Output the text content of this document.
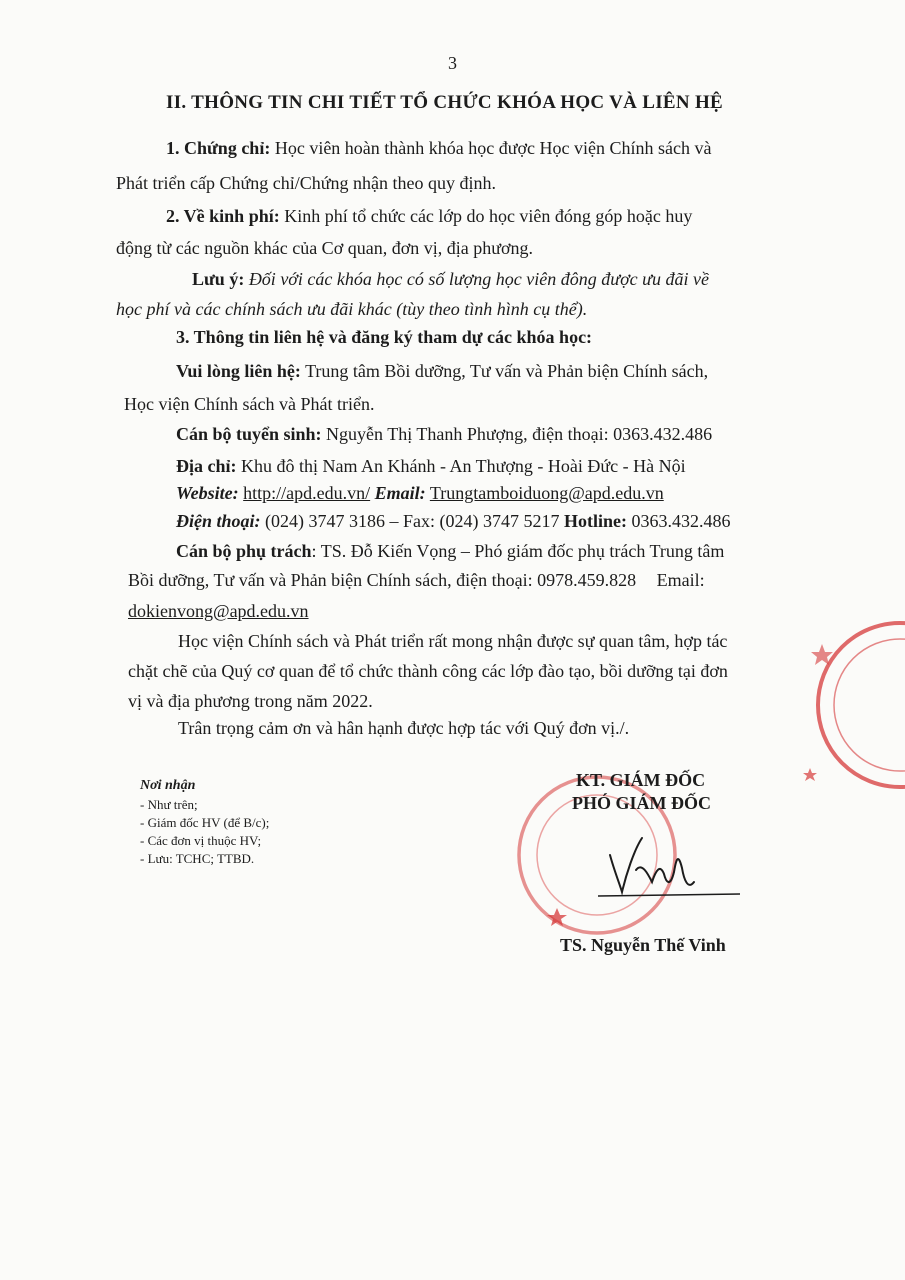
3
II. THÔNG TIN CHI TIẾT TỔ CHỨC KHÓA HỌC VÀ LIÊN HỆ
1. Chứng chỉ: Học viên hoàn thành khóa học được Học viện Chính sách và
Phát triển cấp Chứng chỉ/Chứng nhận theo quy định.
2. Về kinh phí: Kinh phí tổ chức các lớp do học viên đóng góp hoặc huy
động từ các nguồn khác của Cơ quan, đơn vị, địa phương.
Lưu ý: Đối với các khóa học có số lượng học viên đông được ưu đãi về
học phí và các chính sách ưu đãi khác (tùy theo tình hình cụ thể).
3. Thông tin liên hệ và đăng ký tham dự các khóa học:
Vui lòng liên hệ: Trung tâm Bồi dưỡng, Tư vấn và Phản biện Chính sách,
Học viện Chính sách và Phát triển.
Cán bộ tuyển sinh: Nguyễn Thị Thanh Phượng, điện thoại: 0363.432.486
Địa chỉ: Khu đô thị Nam An Khánh - An Thượng - Hoài Đức - Hà Nội
Website: http://apd.edu.vn/ Email: Trungtamboiduong@apd.edu.vn
Điện thoại: (024) 3747 3186 – Fax: (024) 3747 5217 Hotline: 0363.432.486
Cán bộ phụ trách: TS. Đỗ Kiến Vọng – Phó giám đốc phụ trách Trung tâm
Bồi dưỡng, Tư vấn và Phản biện Chính sách, điện thoại: 0978.459.828 Email:
dokienvong@apd.edu.vn
Học viện Chính sách và Phát triển rất mong nhận được sự quan tâm, hợp tác
chặt chẽ của Quý cơ quan để tổ chức thành công các lớp đào tạo, bồi dưỡng tại đơn
vị và địa phương trong năm 2022.
Trân trọng cảm ơn và hân hạnh được hợp tác với Quý đơn vị./.
Nơi nhận
- Như trên;
- Giám đốc HV (để B/c);
- Các đơn vị thuộc HV;
- Lưu: TCHC; TTBD.
KT. GIÁM ĐỐC
PHÓ GIÁM ĐỐC
TS. Nguyễn Thế Vinh
